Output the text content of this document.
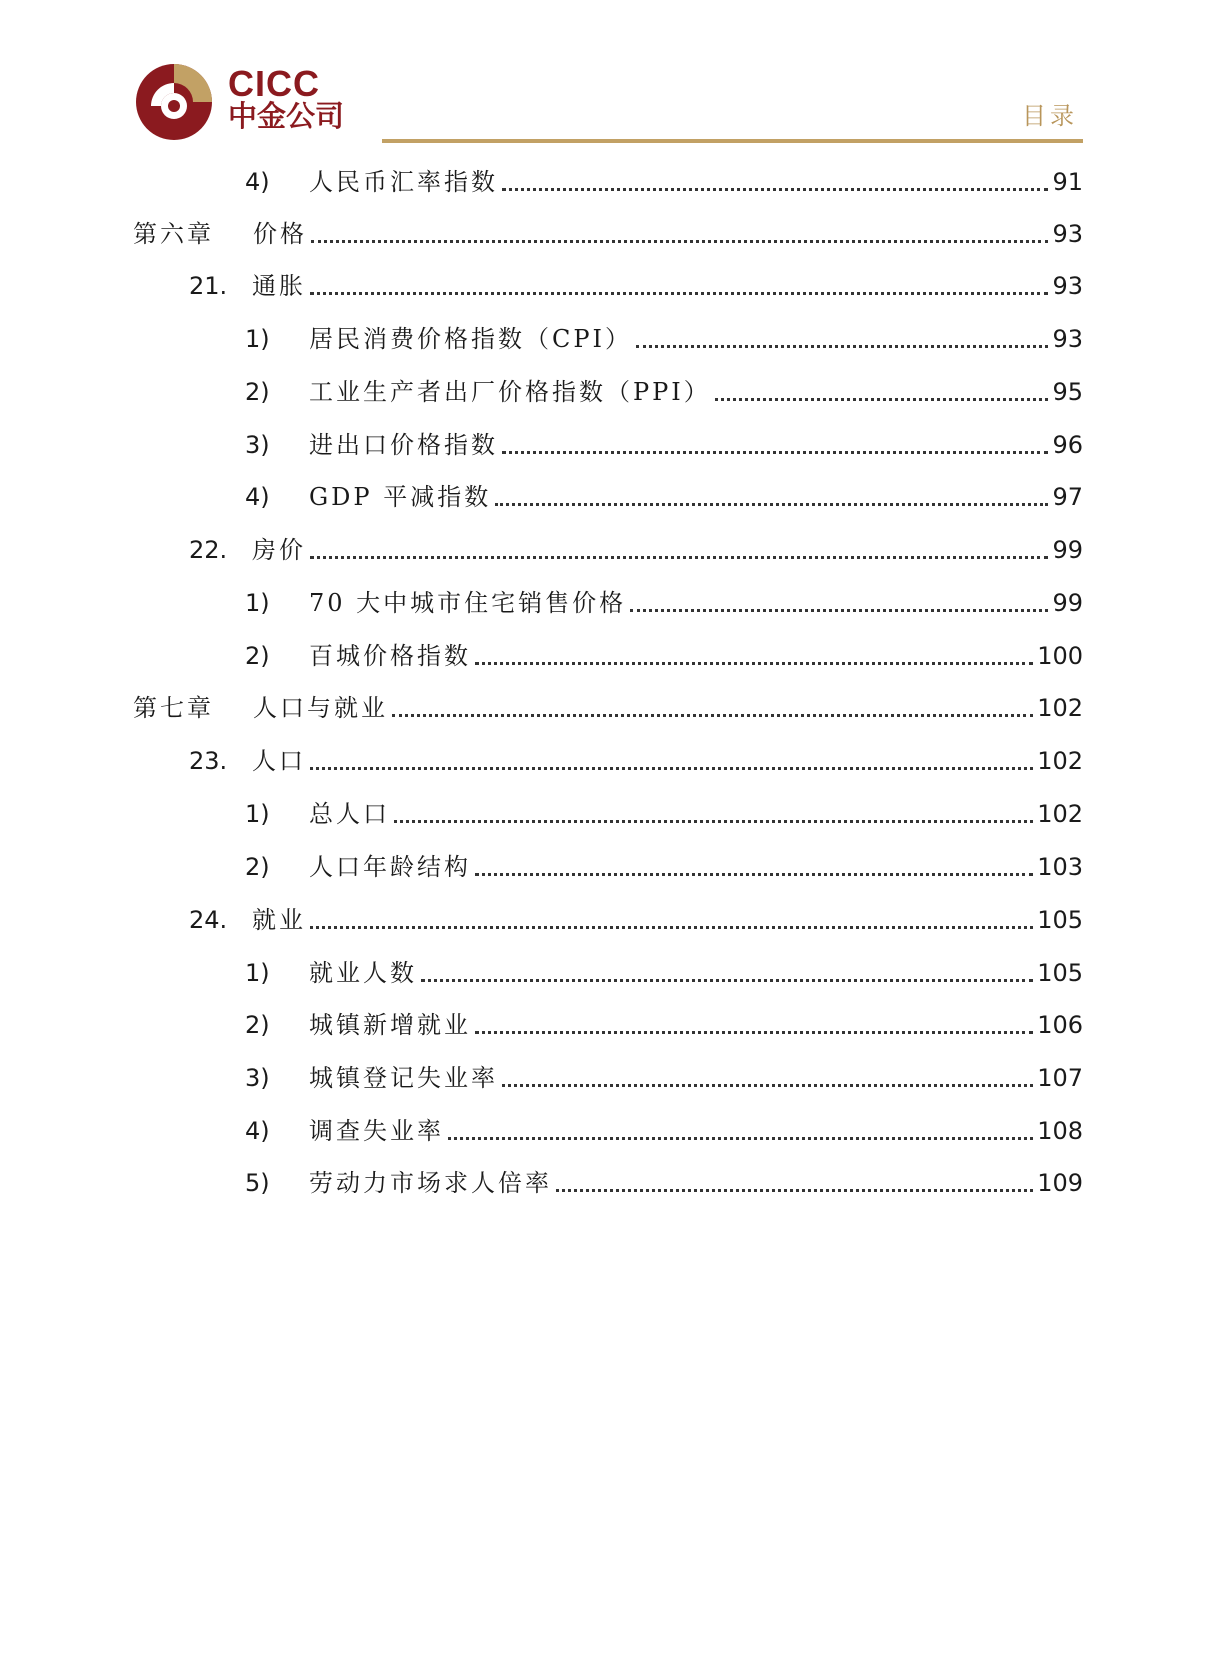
CICC
中金公司	目录
4)	人民币汇率指数	91
第六章	价格	93
21.	通胀	93
1)	居民消费价格指数（CPI）	93
2)	工业生产者出厂价格指数（PPI）	95
3)	进出口价格指数	96
4)	GDP 平减指数	97
22.	房价	99
1)	70 大中城市住宅销售价格	99
2)	百城价格指数	100
第七章	人口与就业	102
23.	人口	102
1)	总人口	102
2)	人口年龄结构	103
24.	就业	105
1)	就业人数	105
2)	城镇新增就业	106
3)	城镇登记失业率	107
4)	调查失业率	108
5)	劳动力市场求人倍率	109
